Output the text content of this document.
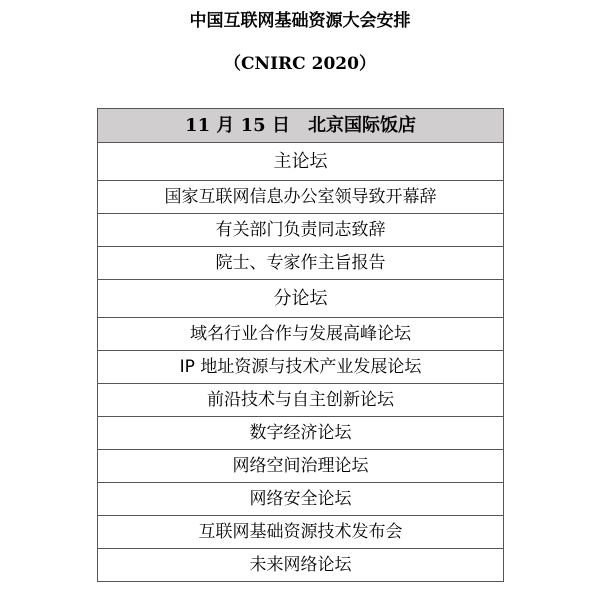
中国互联网基础资源大会安排
（CNIRC 2020）
11 月 15 日　北京国际饭店
主论坛
国家互联网信息办公室领导致开幕辞
有关部门负责同志致辞
院士、专家作主旨报告
分论坛
域名行业合作与发展高峰论坛
IP 地址资源与技术产业发展论坛
前沿技术与自主创新论坛
数字经济论坛
网络空间治理论坛
网络安全论坛
互联网基础资源技术发布会
未来网络论坛
